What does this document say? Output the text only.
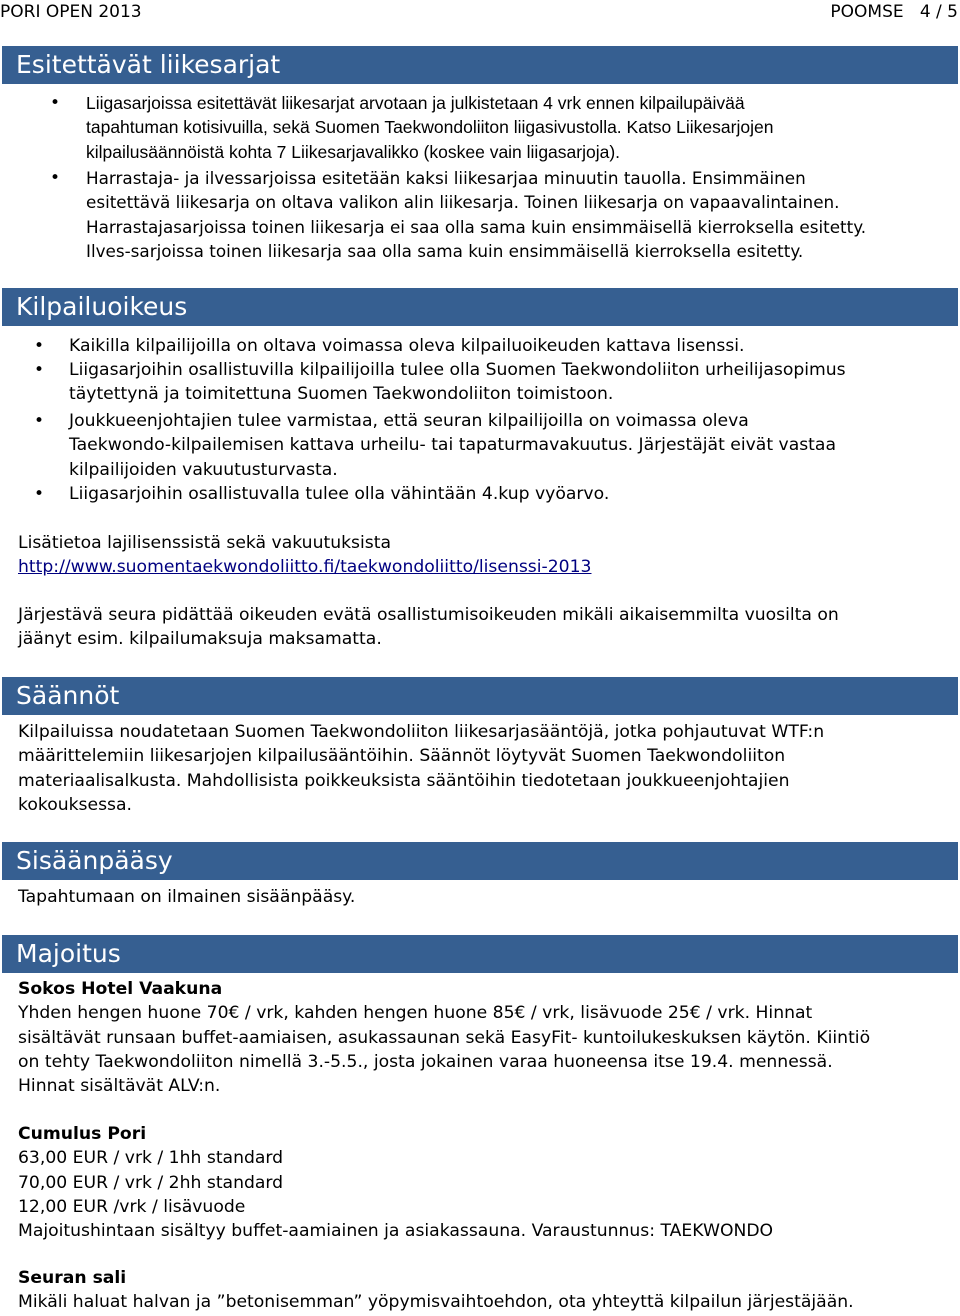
PORI OPEN 2013	POOMSE   4 / 5
Esitettävät liikesarjat
• Liigasarjoissa esitettävät liikesarjat arvotaan ja julkistetaan 4 vrk ennen kilpailupäivää
tapahtuman kotisivuilla, sekä Suomen Taekwondoliiton liigasivustolla. Katso Liikesarjojen
kilpailusäännöistä kohta 7 Liikesarjavalikko (koskee vain liigasarjoja).
• Harrastaja- ja ilvessarjoissa esitetään kaksi liikesarjaa minuutin tauolla. Ensimmäinen
esitettävä liikesarja on oltava valikon alin liikesarja. Toinen liikesarja on vapaavalintainen.
Harrastajasarjoissa toinen liikesarja ei saa olla sama kuin ensimmäisellä kierroksella esitetty.
Ilves-sarjoissa toinen liikesarja saa olla sama kuin ensimmäisellä kierroksella esitetty.
Kilpailuoikeus
• Kaikilla kilpailijoilla on oltava voimassa oleva kilpailuoikeuden kattava lisenssi.
• Liigasarjoihin osallistuvilla kilpailijoilla tulee olla Suomen Taekwondoliiton urheilijasopimus
täytettynä ja toimitettuna Suomen Taekwondoliiton toimistoon.
• Joukkueenjohtajien tulee varmistaa, että seuran kilpailijoilla on voimassa oleva
Taekwondo-kilpailemisen kattava urheilu- tai tapaturmavakuutus. Järjestäjät eivät vastaa
kilpailijoiden vakuutusturvasta.
• Liigasarjoihin osallistuvalla tulee olla vähintään 4.kup vyöarvo.
Lisätietoa lajilisenssistä sekä vakuutuksista
http://www.suomentaekwondoliitto.fi/taekwondoliitto/lisenssi-2013
Järjestävä seura pidättää oikeuden evätä osallistumisoikeuden mikäli aikaisemmilta vuosilta on
jäänyt esim. kilpailumaksuja maksamatta.
Säännöt
Kilpailuissa noudatetaan Suomen Taekwondoliiton liikesarjasääntöjä, jotka pohjautuvat WTF:n
määrittelemiin liikesarjojen kilpailusääntöihin. Säännöt löytyvät Suomen Taekwondoliiton
materiaalisalkusta. Mahdollisista poikkeuksista sääntöihin tiedotetaan joukkueenjohtajien
kokouksessa.
Sisäänpääsy
Tapahtumaan on ilmainen sisäänpääsy.
Majoitus
Sokos Hotel Vaakuna
Yhden hengen huone 70€ / vrk, kahden hengen huone 85€ / vrk, lisävuode 25€ / vrk. Hinnat
sisältävät runsaan buffet-aamiaisen, asukassaunan sekä EasyFit- kuntoilukeskuksen käytön. Kiintiö
on tehty Taekwondoliiton nimellä 3.-5.5., josta jokainen varaa huoneensa itse 19.4. mennessä.
Hinnat sisältävät ALV:n.
Cumulus Pori
63,00 EUR / vrk / 1hh standard
70,00 EUR / vrk / 2hh standard
12,00 EUR /vrk / lisävuode
Majoitushintaan sisältyy buffet-aamiainen ja asiakassauna. Varaustunnus: TAEKWONDO
Seuran sali
Mikäli haluat halvan ja ”betonisemman” yöpymisvaihtoehdon, ota yhteyttä kilpailun järjestäjään.
